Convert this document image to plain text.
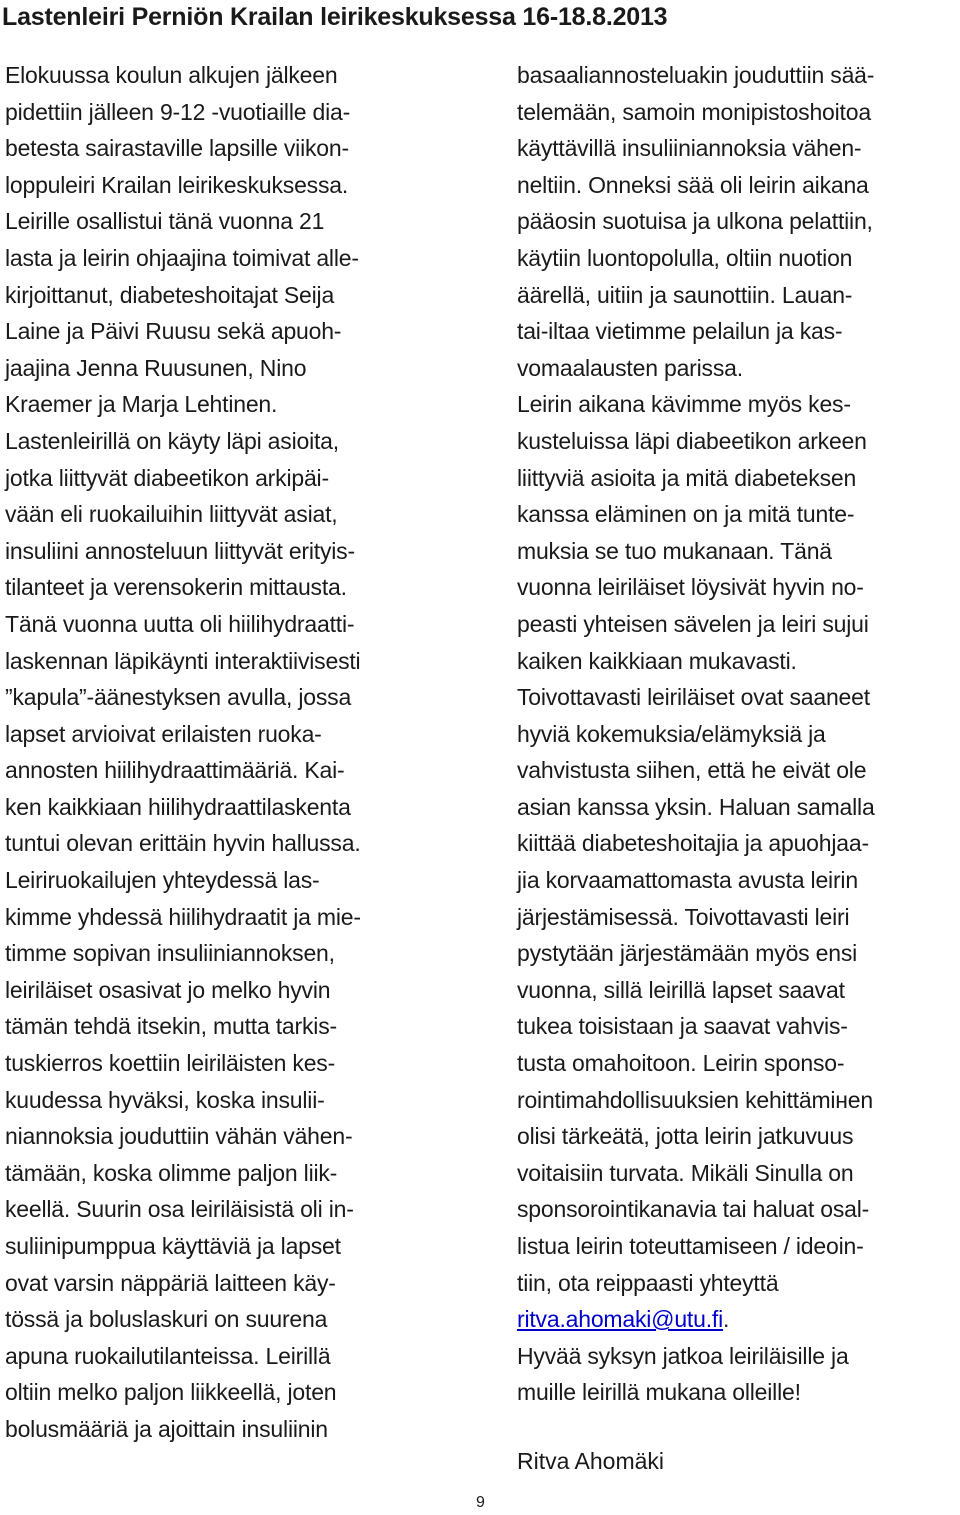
Lastenleiri Perniön Krailan leirikeskuksessa 16-18.8.2013
Elokuussa koulun alkujen jälkeen
pidettiin jälleen 9-12 -vuotiaille dia-
betesta sairastaville lapsille viikon-
loppuleiri Krailan leirikeskuksessa.
Leirille osallistui tänä vuonna 21
lasta ja leirin ohjaajina toimivat alle-
kirjoittanut, diabeteshoitajat Seija
Laine ja Päivi Ruusu sekä apuoh-
jaajina Jenna Ruusunen, Nino
Kraemer ja Marja Lehtinen.
Lastenleirillä on käyty läpi asioita,
jotka liittyvät diabeetikon arkipäi-
vään eli ruokailuihin liittyvät asiat,
insuliini annosteluun liittyvät erityis-
tilanteet ja verensokerin mittausta.
Tänä vuonna uutta oli hiilihydraatti-
laskennan läpikäynti interaktiivisesti
”kapula”-äänestyksen avulla, jossa
lapset arvioivat erilaisten ruoka-
annosten hiilihydraattimääriä. Kai-
ken kaikkiaan hiilihydraattilaskenta
tuntui olevan erittäin hyvin hallussa.
Leiriruokailujen yhteydessä las-
kimme yhdessä hiilihydraatit ja mie-
timme sopivan insuliiniannoksen,
leiriläiset osasivat jo melko hyvin
tämän tehdä itsekin, mutta tarkis-
tuskierros koettiin leiriläisten kes-
kuudessa hyväksi, koska insulii-
niannoksia jouduttiin vähän vähen-
tämään, koska olimme paljon liik-
keellä. Suurin osa leiriläisistä oli in-
suliinipumppua käyttäviä ja lapset
ovat varsin näppäriä laitteen käy-
tössä ja boluslaskuri on suurena
apuna ruokailutilanteissa. Leirillä
oltiin melko paljon liikkeellä, joten
bolusmääriä ja ajoittain insuliinin
basaaliannosteluakin jouduttiin sää-
telemään, samoin monipistoshoitoa
käyttävillä insuliiniannoksia vähen-
neltiin. Onneksi sää oli leirin aikana
pääosin suotuisa ja ulkona pelattiin,
käytiin luontopolulla, oltiin nuotion
äärellä, uitiin ja saunottiin. Lauan-
tai-iltaa vietimme pelailun ja kas-
vomaalausten parissa.
Leirin aikana kävimme myös kes-
kusteluissa läpi diabeetikon arkeen
liittyviä asioita ja mitä diabeteksen
kanssa eläminen on ja mitä tunte-
muksia se tuo mukanaan. Tänä
vuonna leiriläiset löysivät hyvin no-
peasti yhteisen sävelen ja leiri sujui
kaiken kaikkiaan mukavasti.
Toivottavasti leiriläiset ovat saaneet
hyviä kokemuksia/elämyksiä ja
vahvistusta siihen, että he eivät ole
asian kanssa yksin. Haluan samalla
kiittää diabeteshoitajia ja apuohjaa-
jia korvaamattomasta avusta leirin
järjestämisessä. Toivottavasti leiri
pystytään järjestämään myös ensi
vuonna, sillä leirillä lapset saavat
tukea toisistaan ja saavat vahvis-
tusta omahoitoon. Leirin sponso-
rointimahdollisuuksien kehittämінen
olisi tärkeätä, jotta leirin jatkuvuus
voitaisiin turvata. Mikäli Sinulla on
sponsorointikanavia tai haluat osal-
listua leirin toteuttamiseen / ideoin-
tiin, ota reippaasti yhteyttä
ritva.ahomaki@utu.fi.
Hyvää syksyn jatkoa leiriläisille ja
muille leirillä mukana olleille!
Ritva Ahomäki
9
